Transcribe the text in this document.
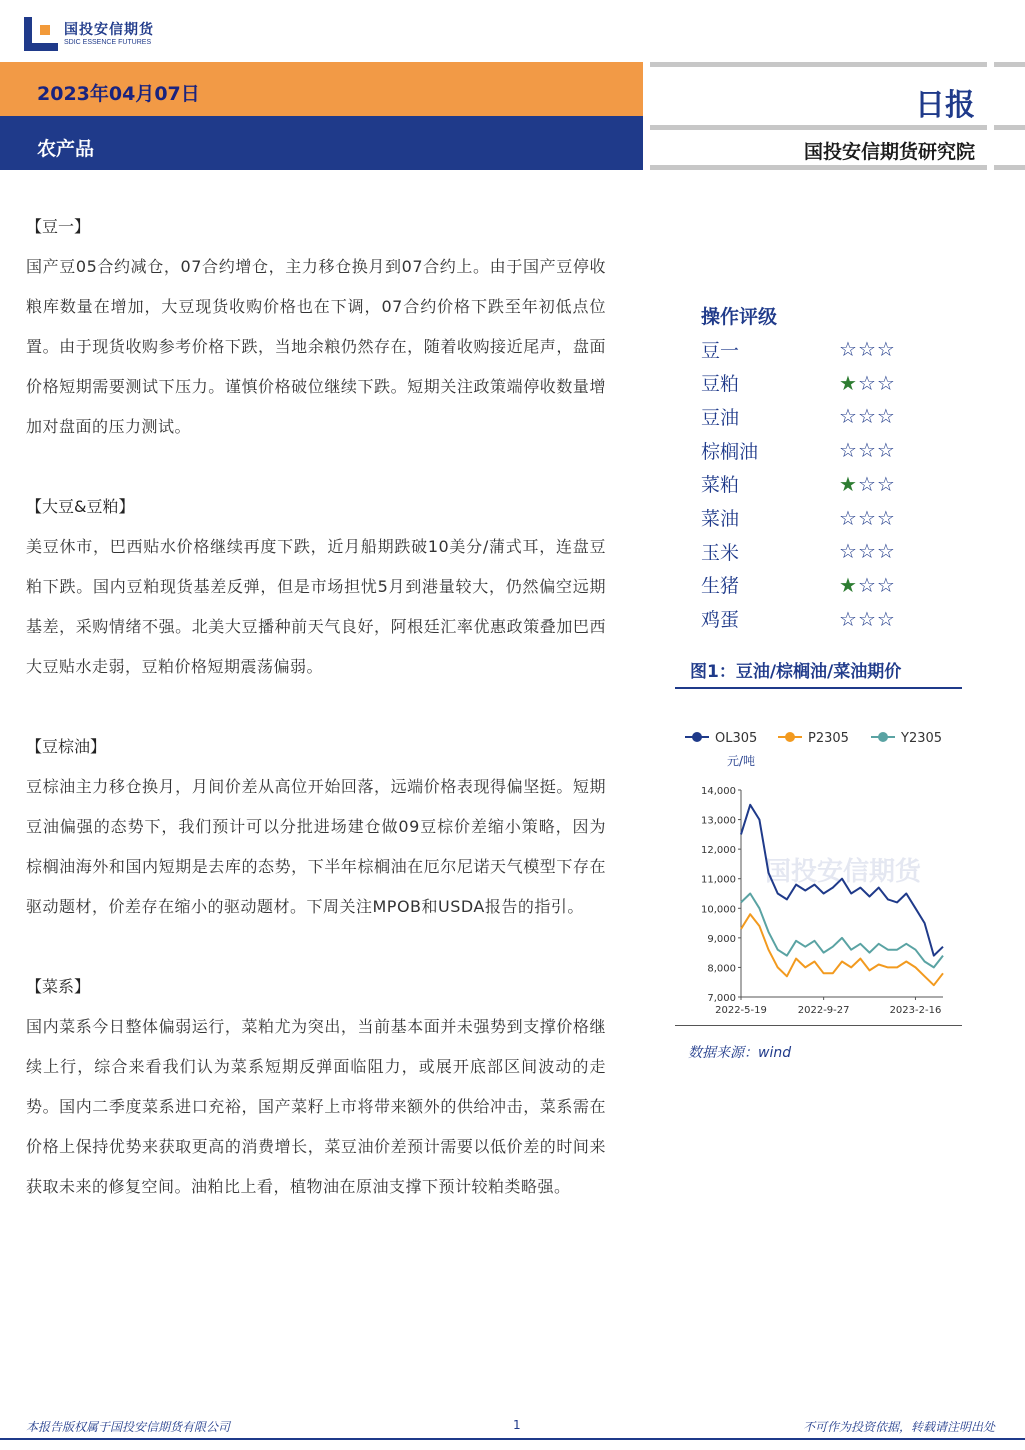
国投安信期货
SDIC ESSENCE FUTURES
2023年04月07日
农产品
日报
国投安信期货研究院
【豆一】
国产豆05合约减仓，07合约增仓，主力移仓换月到07合约上。由于国产豆停收粮库数量在增加，大豆现货收购价格也在下调，07合约价格下跌至年初低点位置。由于现货收购参考价格下跌，当地余粮仍然存在，随着收购接近尾声，盘面价格短期需要测试下压力。谨慎价格破位继续下跌。短期关注政策端停收数量增加对盘面的压力测试。
【大豆&豆粕】
美豆休市，巴西贴水价格继续再度下跌，近月船期跌破10美分/蒲式耳，连盘豆粕下跌。国内豆粕现货基差反弹，但是市场担忧5月到港量较大，仍然偏空远期基差，采购情绪不强。北美大豆播种前天气良好，阿根廷汇率优惠政策叠加巴西大豆贴水走弱，豆粕价格短期震荡偏弱。
【豆棕油】
豆棕油主力移仓换月，月间价差从高位开始回落，远端价格表现得偏坚挺。短期豆油偏强的态势下，我们预计可以分批进场建仓做09豆棕价差缩小策略，因为棕榈油海外和国内短期是去库的态势，下半年棕榈油在厄尔尼诺天气模型下存在驱动题材，价差存在缩小的驱动题材。下周关注MPOB和USDA报告的指引。
【菜系】
国内菜系今日整体偏弱运行，菜粕尤为突出，当前基本面并未强势到支撑价格继续上行，综合来看我们认为菜系短期反弹面临阻力，或展开底部区间波动的走势。国内二季度菜系进口充裕，国产菜籽上市将带来额外的供给冲击，菜系需在价格上保持优势来获取更高的消费增长，菜豆油价差预计需要以低价差的时间来获取未来的修复空间。油粕比上看，植物油在原油支撑下预计较粕类略强。
操作评级
豆一	☆☆☆
豆粕	★☆☆
豆油	☆☆☆
棕榈油	☆☆☆
菜粕	★☆☆
菜油	☆☆☆
玉米	☆☆☆
生猪	★☆☆
鸡蛋	☆☆☆
图1：豆油/棕榈油/菜油期价
国投安信期货
OL305	P2305	Y2305
元/吨
7,000
8,000
9,000
10,000
11,000
12,000
13,000
14,000
2022-5-19	2022-9-27	2023-2-16
数据来源：wind
本报告版权属于国投安信期货有限公司	1	不可作为投资依据，转载请注明出处
